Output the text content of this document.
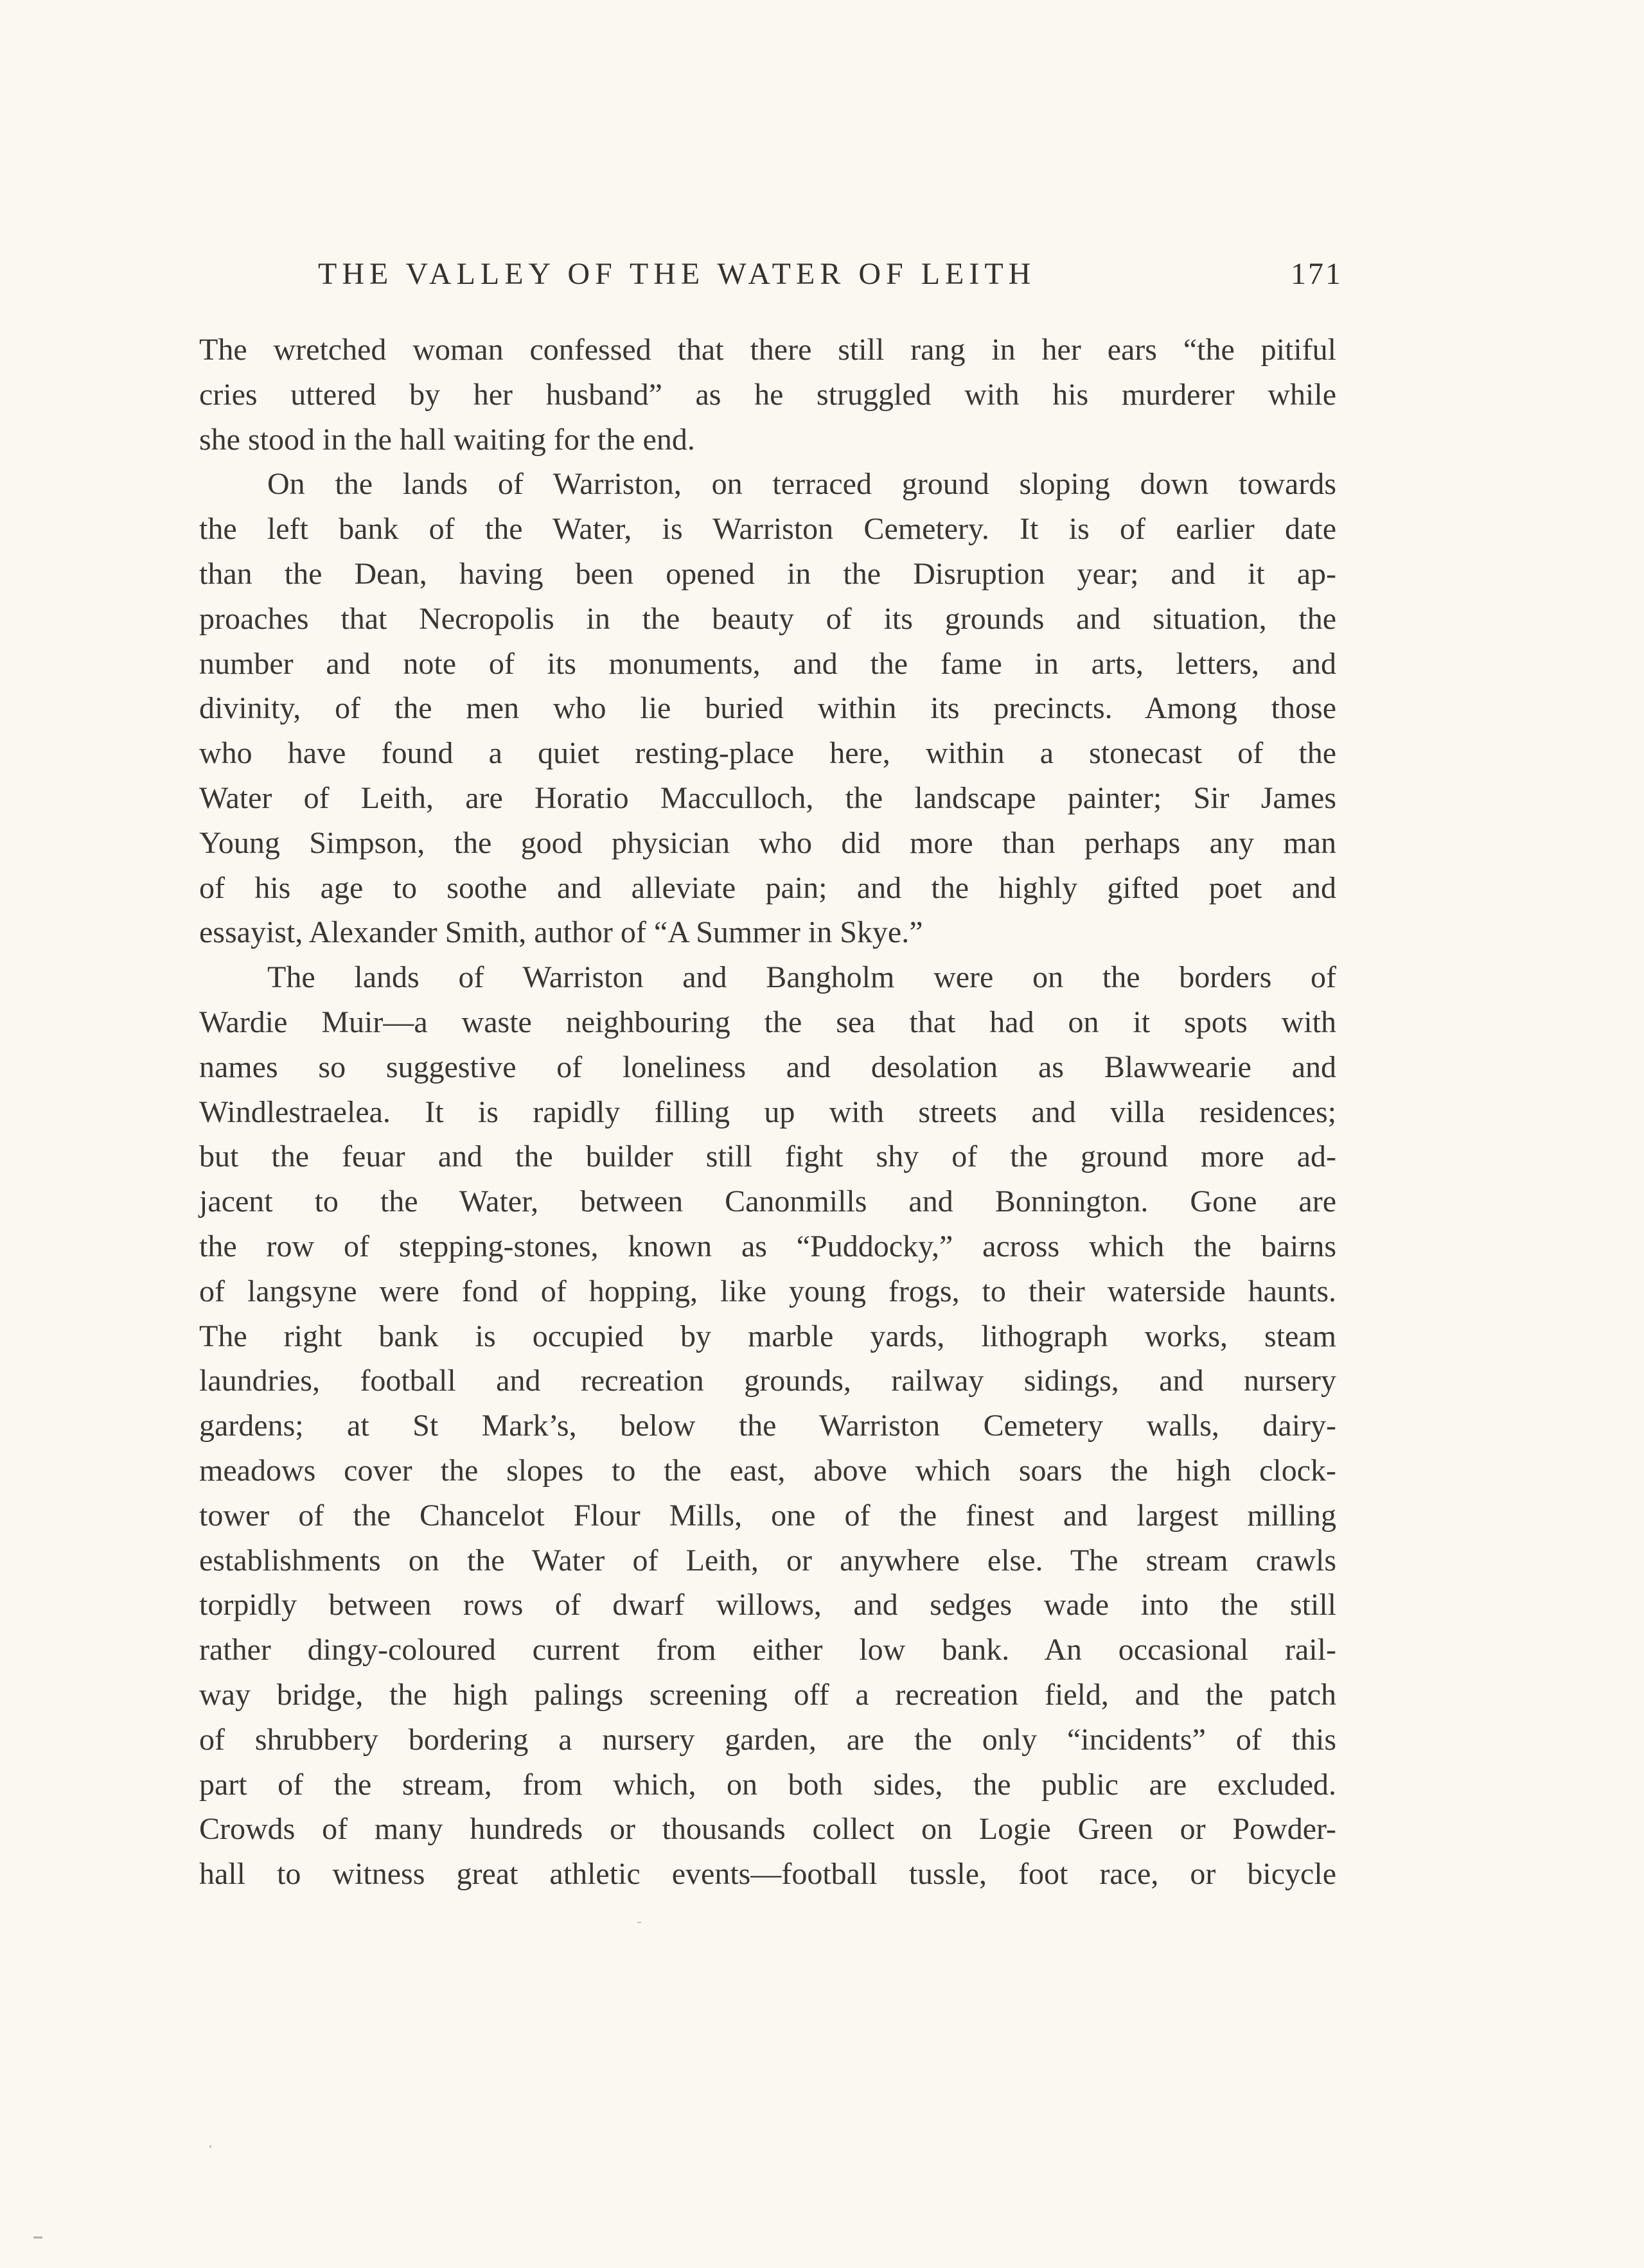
THE VALLEY OF THE WATER OF LEITH	171
The wretched woman confessed that there still rang in her ears “the pitiful
cries uttered by her husband” as he struggled with his murderer while
she stood in the hall waiting for the end.
On the lands of Warriston, on terraced ground sloping down towards
the left bank of the Water, is Warriston Cemetery. It is of earlier date
than the Dean, having been opened in the Disruption year; and it ap-
proaches that Necropolis in the beauty of its grounds and situation, the
number and note of its monuments, and the fame in arts, letters, and
divinity, of the men who lie buried within its precincts. Among those
who have found a quiet resting-place here, within a stonecast of the
Water of Leith, are Horatio Macculloch, the landscape painter; Sir James
Young Simpson, the good physician who did more than perhaps any man
of his age to soothe and alleviate pain; and the highly gifted poet and
essayist, Alexander Smith, author of “A Summer in Skye.”
The lands of Warriston and Bangholm were on the borders of
Wardie Muir—a waste neighbouring the sea that had on it spots with
names so suggestive of loneliness and desolation as Blawwearie and
Windlestraelea. It is rapidly filling up with streets and villa residences;
but the feuar and the builder still fight shy of the ground more ad-
jacent to the Water, between Canonmills and Bonnington. Gone are
the row of stepping-stones, known as “Puddocky,” across which the bairns
of langsyne were fond of hopping, like young frogs, to their waterside haunts.
The right bank is occupied by marble yards, lithograph works, steam
laundries, football and recreation grounds, railway sidings, and nursery
gardens; at St Mark’s, below the Warriston Cemetery walls, dairy-
meadows cover the slopes to the east, above which soars the high clock-
tower of the Chancelot Flour Mills, one of the finest and largest milling
establishments on the Water of Leith, or anywhere else. The stream crawls
torpidly between rows of dwarf willows, and sedges wade into the still
rather dingy-coloured current from either low bank. An occasional rail-
way bridge, the high palings screening off a recreation field, and the patch
of shrubbery bordering a nursery garden, are the only “incidents” of this
part of the stream, from which, on both sides, the public are excluded.
Crowds of many hundreds or thousands collect on Logie Green or Powder-
hall to witness great athletic events—football tussle, foot race, or bicycle
